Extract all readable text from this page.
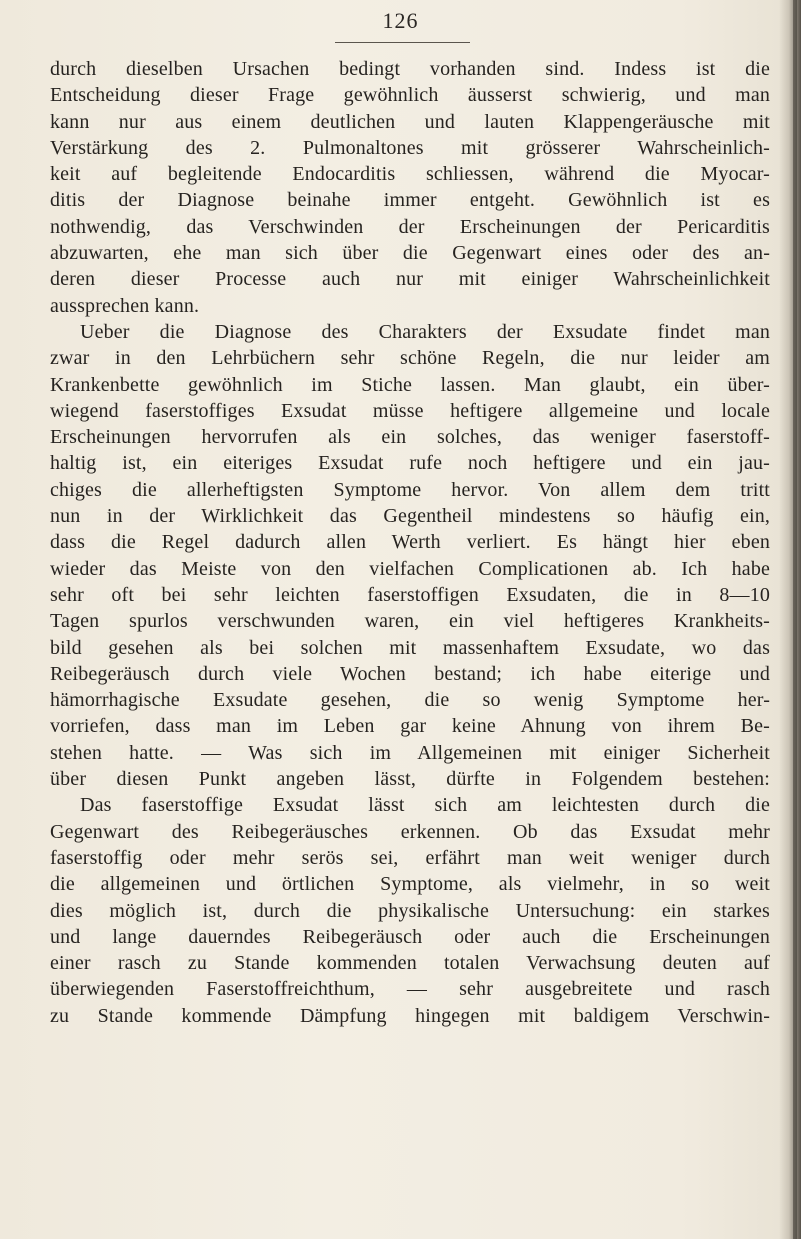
126
durch dieselben Ursachen bedingt vorhanden sind. Indess ist die
Entscheidung dieser Frage gewöhnlich äusserst schwierig, und man
kann nur aus einem deutlichen und lauten Klappengeräusche mit
Verstärkung des 2. Pulmonaltones mit grösserer Wahrscheinlich-
keit auf begleitende Endocarditis schliessen, während die Myocar-
ditis der Diagnose beinahe immer entgeht. Gewöhnlich ist es
nothwendig, das Verschwinden der Erscheinungen der Pericarditis
abzuwarten, ehe man sich über die Gegenwart eines oder des an-
deren dieser Processe auch nur mit einiger Wahrscheinlichkeit
aussprechen kann.
Ueber die Diagnose des Charakters der Exsudate findet man
zwar in den Lehrbüchern sehr schöne Regeln, die nur leider am
Krankenbette gewöhnlich im Stiche lassen. Man glaubt, ein über-
wiegend faserstoffiges Exsudat müsse heftigere allgemeine und locale
Erscheinungen hervorrufen als ein solches, das weniger faserstoff-
haltig ist, ein eiteriges Exsudat rufe noch heftigere und ein jau-
chiges die allerheftigsten Symptome hervor. Von allem dem tritt
nun in der Wirklichkeit das Gegentheil mindestens so häufig ein,
dass die Regel dadurch allen Werth verliert. Es hängt hier eben
wieder das Meiste von den vielfachen Complicationen ab. Ich habe
sehr oft bei sehr leichten faserstoffigen Exsudaten, die in 8—10
Tagen spurlos verschwunden waren, ein viel heftigeres Krankheits-
bild gesehen als bei solchen mit massenhaftem Exsudate, wo das
Reibegeräusch durch viele Wochen bestand; ich habe eiterige und
hämorrhagische Exsudate gesehen, die so wenig Symptome her-
vorriefen, dass man im Leben gar keine Ahnung von ihrem Be-
stehen hatte. — Was sich im Allgemeinen mit einiger Sicherheit
über diesen Punkt angeben lässt, dürfte in Folgendem bestehen:
Das faserstoffige Exsudat lässt sich am leichtesten durch die
Gegenwart des Reibegeräusches erkennen. Ob das Exsudat mehr
faserstoffig oder mehr serös sei, erfährt man weit weniger durch
die allgemeinen und örtlichen Symptome, als vielmehr, in so weit
dies möglich ist, durch die physikalische Untersuchung: ein starkes
und lange dauerndes Reibegeräusch oder auch die Erscheinungen
einer rasch zu Stande kommenden totalen Verwachsung deuten auf
überwiegenden Faserstoffreichthum, — sehr ausgebreitete und rasch
zu Stande kommende Dämpfung hingegen mit baldigem Verschwin-
